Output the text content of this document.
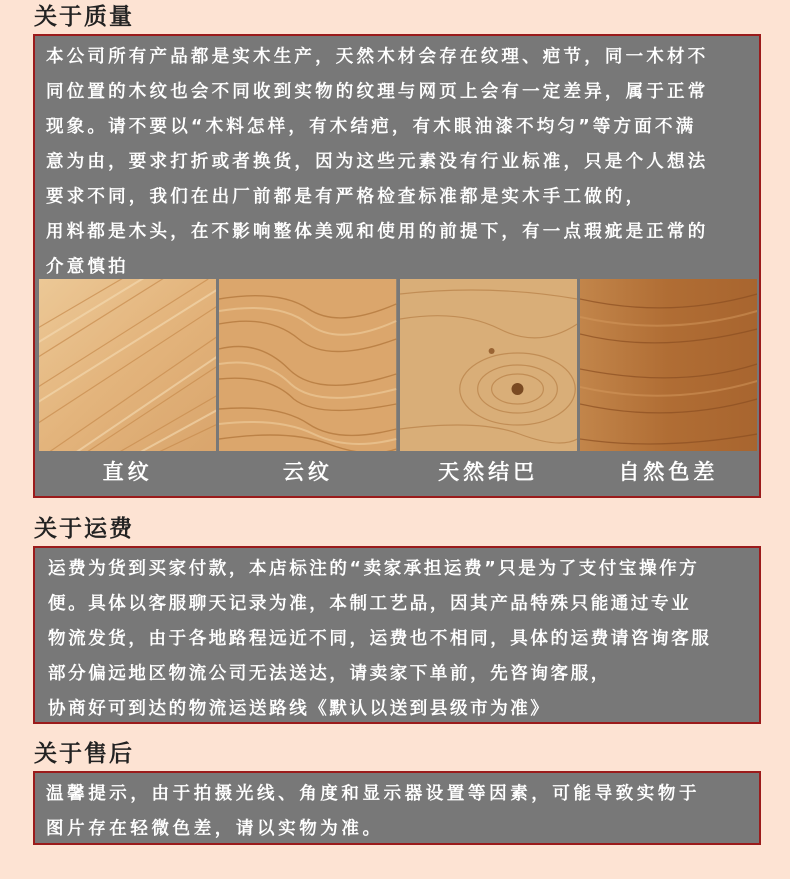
关于质量

本公司所有产品都是实木生产，天然木材会存在纹理、疤节，同一木材不

同位置的木纹也会不同收到实物的纹理与网页上会有一定差异，属于正常

现象。请不要以“木料怎样，有木结疤，有木眼油漆不均匀”等方面不满

意为由，要求打折或者换货，因为这些元素没有行业标准，只是个人想法

要求不同，我们在出厂前都是有严格检查标准都是实木手工做的，

用料都是木头，在不影响整体美观和使用的前提下，有一点瑕疵是正常的

介意慎拍

直纹	云纹	天然结巴	自然色差
关于运费

运费为货到买家付款，本店标注的“卖家承担运费”只是为了支付宝操作方

便。具体以客服聊天记录为准，本制工艺品，因其产品特殊只能通过专业

物流发货，由于各地路程远近不同，运费也不相同，具体的运费请咨询客服

部分偏远地区物流公司无法送达，请卖家下单前，先咨询客服，

协商好可到达的物流运送路线《默认以送到县级市为准》

关于售后

温馨提示，由于拍摄光线、角度和显示器设置等因素，可能导致实物于

图片存在轻微色差，请以实物为准。
